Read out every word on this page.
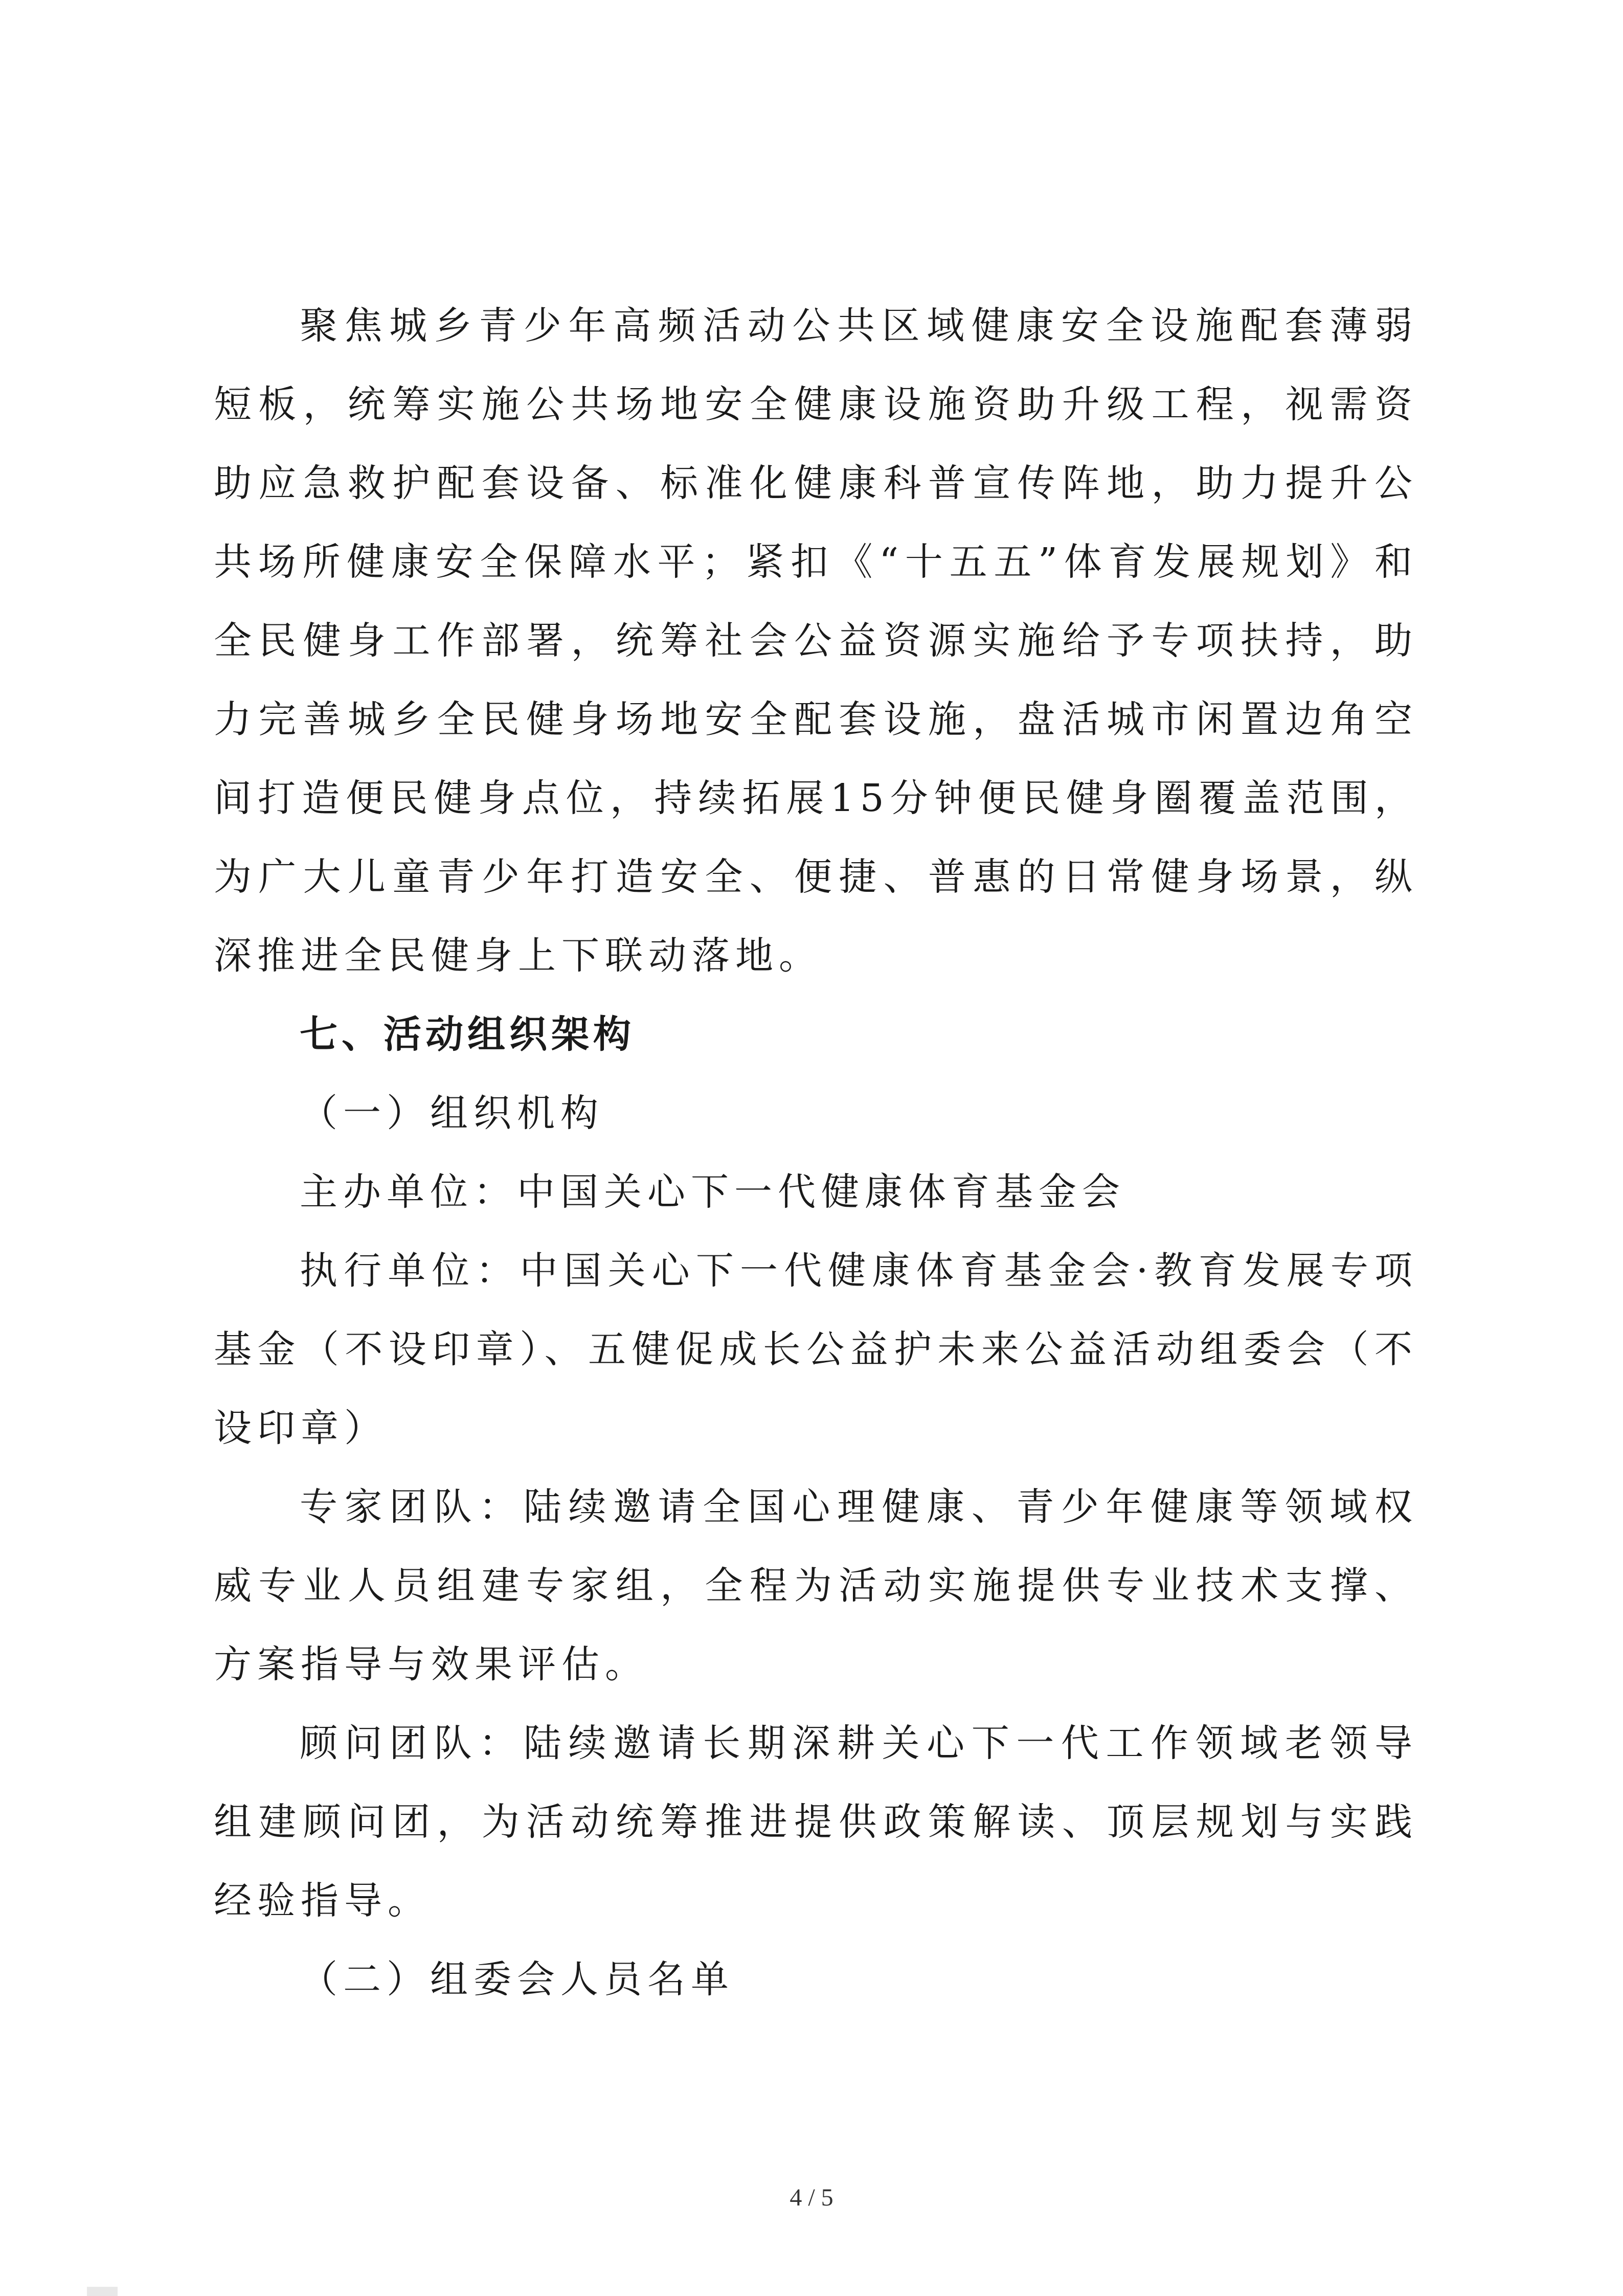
聚焦城乡青少年高频活动公共区域健康安全设施配套薄弱短板，统筹实施公共场地安全健康设施资助升级工程，视需资助应急救护配套设备、标准化健康科普宣传阵地，助力提升公共场所健康安全保障水平；紧扣《“十五五”体育发展规划》和全民健身工作部署，统筹社会公益资源实施给予专项扶持，助力完善城乡全民健身场地安全配套设施，盘活城市闲置边角空间打造便民健身点位，持续拓展15分钟便民健身圈覆盖范围，为广大儿童青少年打造安全、便捷、普惠的日常健身场景，纵深推进全民健身上下联动落地。

七、活动组织架构

（一）组织机构

主办单位：中国关心下一代健康体育基金会

执行单位：中国关心下一代健康体育基金会·教育发展专项基金（不设印章）、五健促成长公益护未来公益活动组委会（不设印章）

专家团队：陆续邀请全国心理健康、青少年健康等领域权威专业人员组建专家组，全程为活动实施提供专业技术支撑、方案指导与效果评估。

顾问团队：陆续邀请长期深耕关心下一代工作领域老领导组建顾问团，为活动统筹推进提供政策解读、顶层规划与实践经验指导。

（二）组委会人员名单

4 / 5
